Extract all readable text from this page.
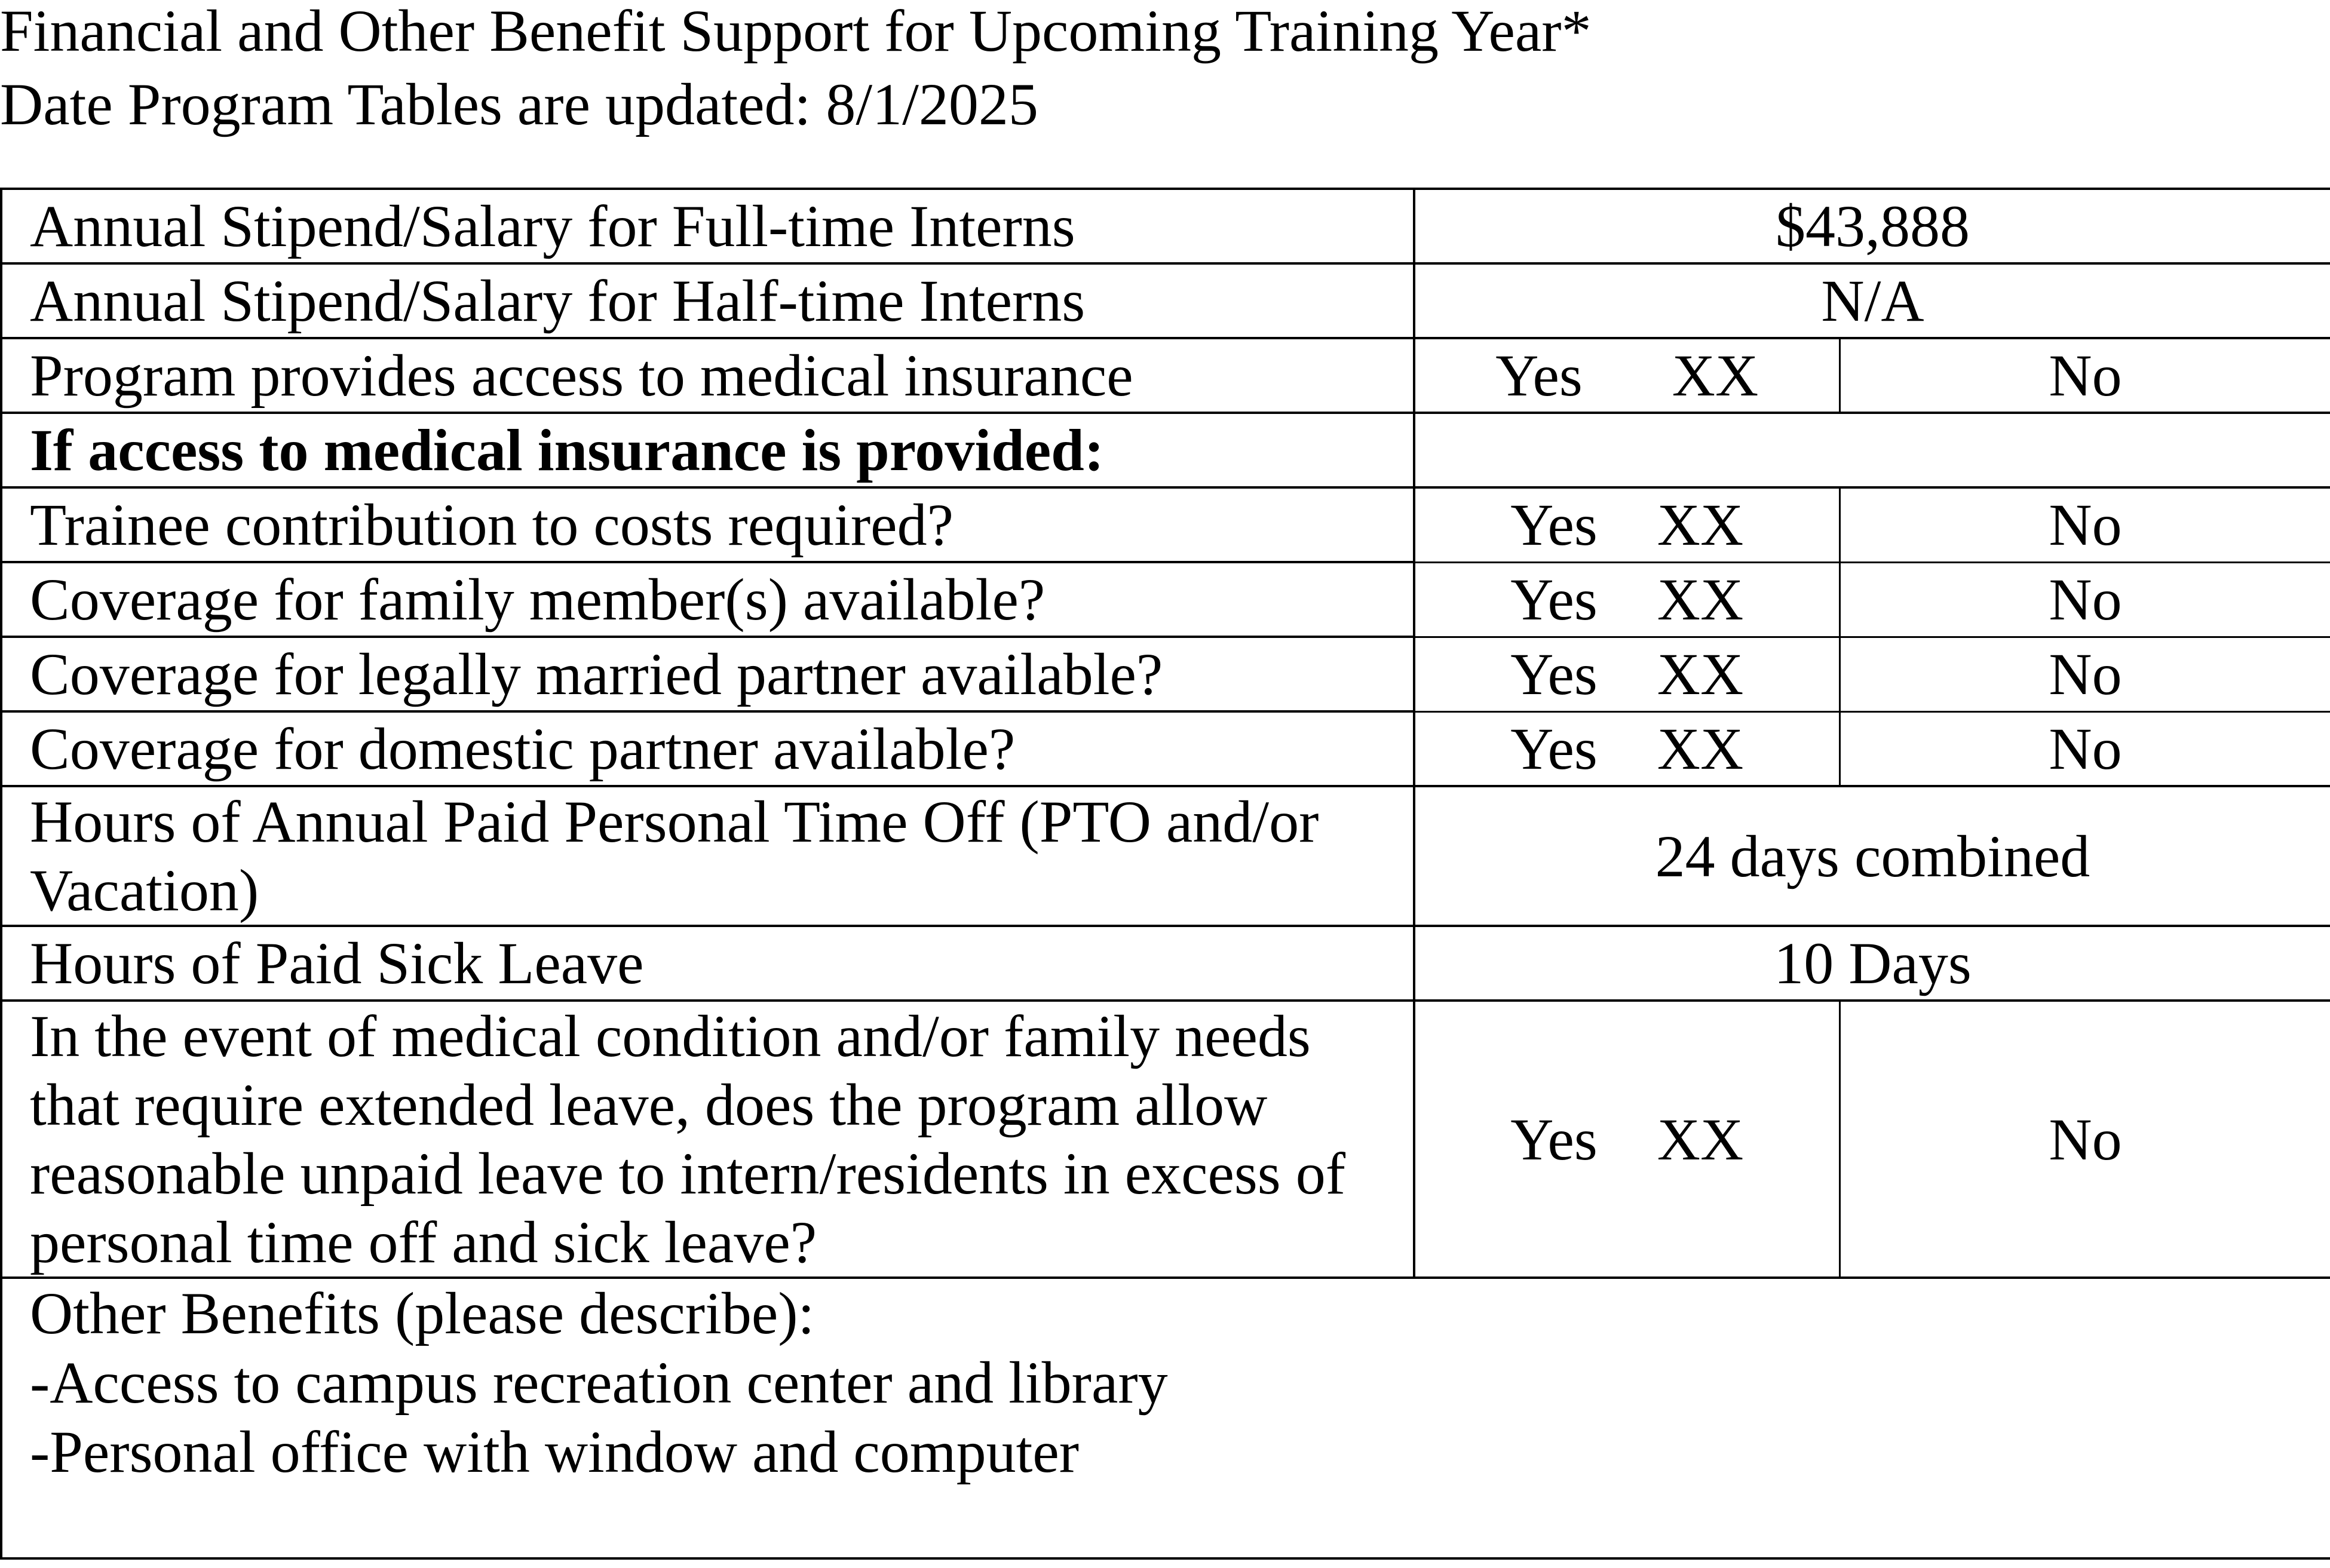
Financial and Other Benefit Support for Upcoming Training Year*
Date Program Tables are updated: 8/1/2025
Annual Stipend/Salary for Full-time Interns	$43,888	
Annual Stipend/Salary for Half-time Interns	N/A	
Program provides access to medical insurance	Yes XX	No
If access to medical insurance is provided:		
Trainee contribution to costs required?	Yes XX	No
Coverage for family member(s) available?	Yes XX	No
Coverage for legally married partner available?	Yes XX	No
Coverage for domestic partner available?	Yes XX	No
Hours of Annual Paid Personal Time Off (PTO and/or Vacation)	24 days combined	
Hours of Paid Sick Leave	10 Days	
In the event of medical condition and/or family needs that require extended leave, does the program allow reasonable unpaid leave to intern/residents in excess of personal time off and sick leave?	Yes XX	No

Other Benefits (please describe):
-Access to campus recreation center and library
-Personal office with window and computer		
